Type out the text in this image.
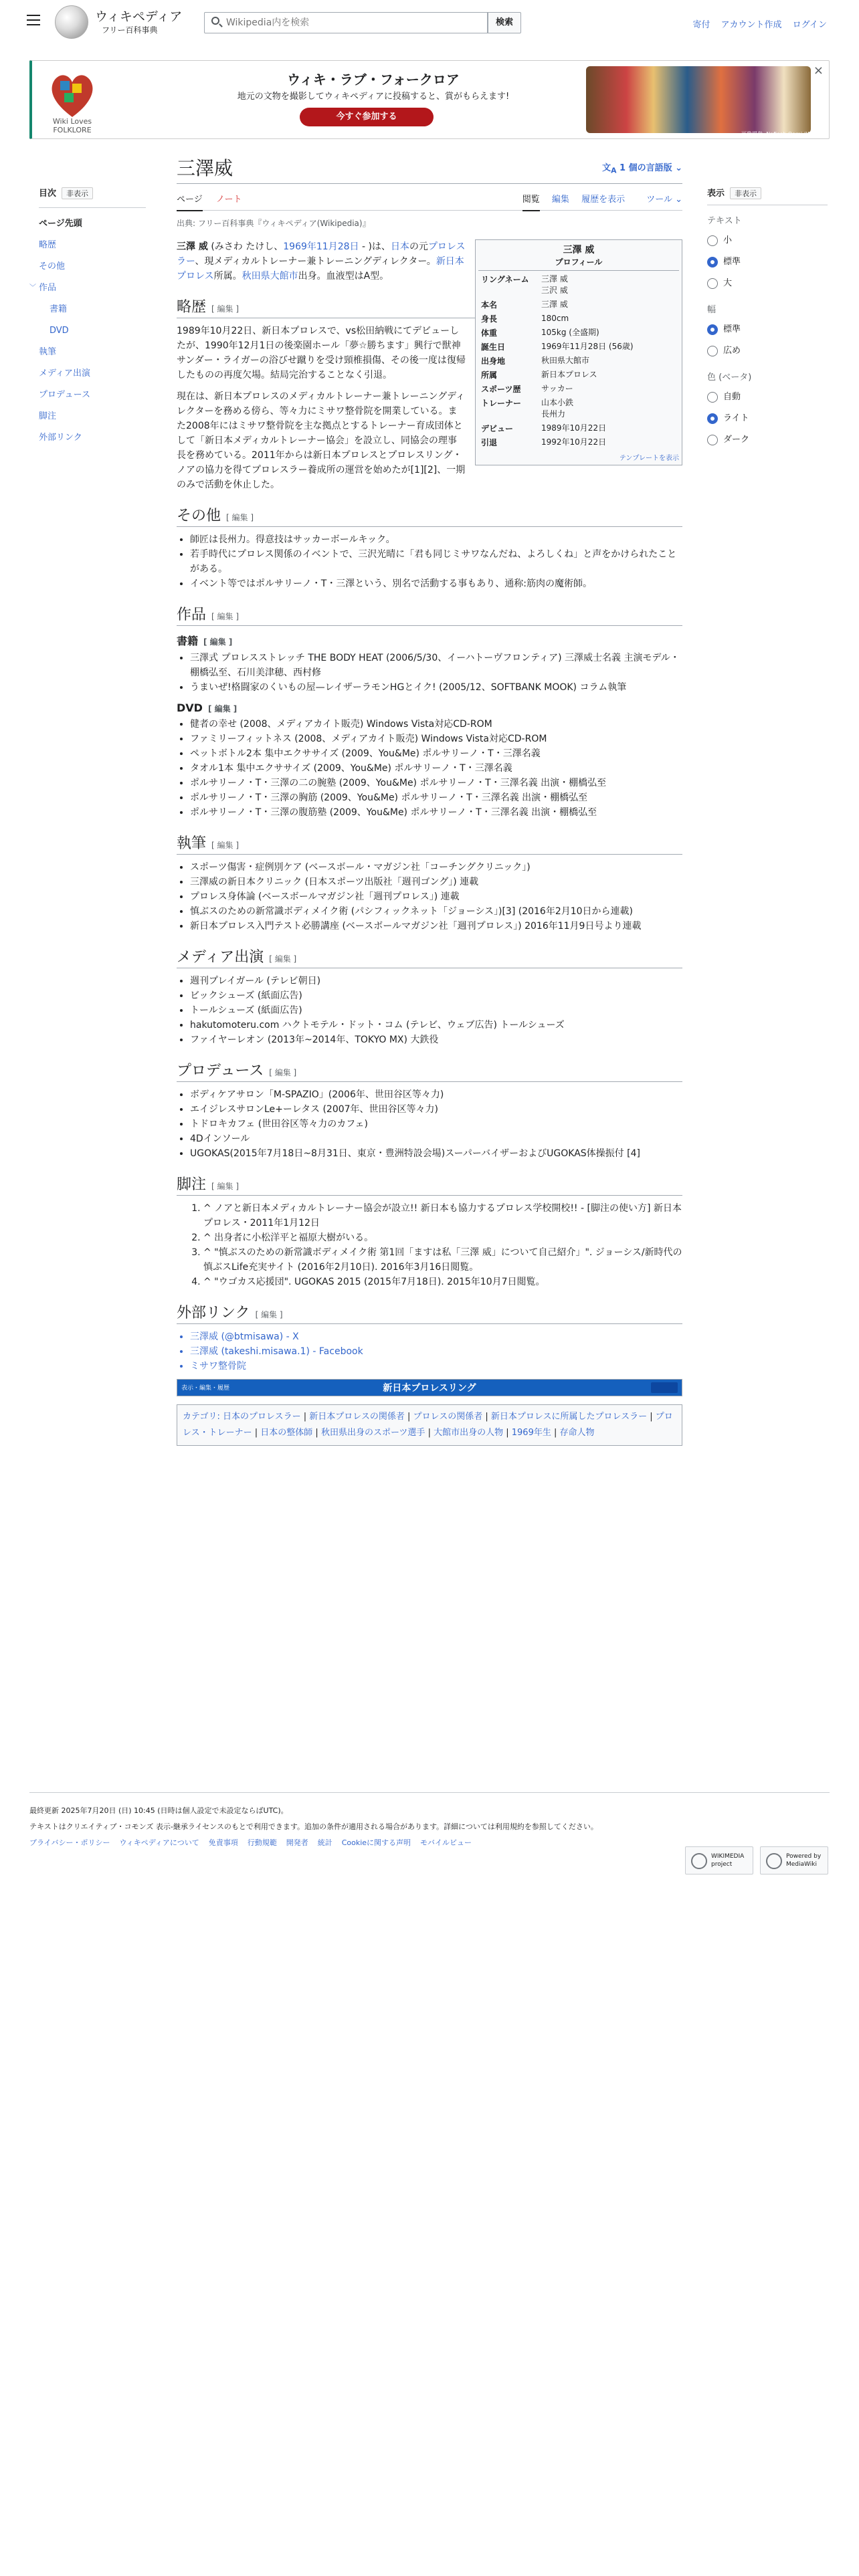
ウィキペディア
フリー百科事典
Wikipedia内を検索
検索	寄付 アカウント作成 ログイン
Wiki Loves FOLKLORE
ウィキ・ラブ・フォークロア
地元の文物を撮影してウィキペディアに投稿すると、賞がもらえます!
今すぐ参加する
画像提供: Nafiseh Qomi (WLF)
×
目次 非表示
ページ先頭
略歴
その他
﹀ 作品
書籍
DVD
執筆
メディア出演
プロデュース
脚注
外部リンク
表示 非表示
テキスト
小
標準
大
幅
標準
広め
色 (ベータ)
自動
ライト
ダーク
三澤威	文$_A$ 1 個の言語版 ⌄
ページ ノート	閲覧 編集 履歴を表示 ツール ⌄
出典: フリー百科事典『ウィキペディア(Wikipedia)』
三澤 威
プロフィール
リングネーム	三澤 威
三沢 威
本名	三澤 威
身長	180cm
体重	105kg (全盛期)
誕生日	1969年11月28日 (56歳)
出身地	秋田県大館市
所属	新日本プロレス
スポーツ歴	サッカー
トレーナー	山本小鉄
長州力
デビュー	1989年10月22日
引退	1992年10月22日
テンプレートを表示

三澤 威 (みさわ たけし、1969年11月28日 - )は、日本の元プロレスラー、現メディカルトレーナー兼トレーニングディレクター。新日本プロレス所属。秋田県大館市出身。血液型はA型。

略歴 [ 編集 ]

1989年10月22日、新日本プロレスで、vs松田納戦にてデビューしたが、1990年12月1日の後楽園ホール「夢☆勝ちます」興行で獣神サンダー・ライガーの浴びせ蹴りを受け頸椎損傷、その後一度は復帰したものの再度欠場。結局完治することなく引退。

現在は、新日本プロレスのメディカルトレーナー兼トレーニングディレクターを務める傍ら、等々力にミサワ整骨院を開業している。また2008年にはミサワ整骨院を主な拠点とするトレーナー育成団体として「新日本メディカルトレーナー協会」を設立し、同協会の理事長を務めている。2011年からは新日本プロレスとプロレスリング・ノアの協力を得てプロレスラー養成所の運営を始めたが[1][2]、一期のみで活動を休止した。

その他 [ 編集 ]
• 師匠は長州力。得意技はサッカーボールキック。
• 若手時代にプロレス関係のイベントで、三沢光晴に「君も同じミサワなんだね、よろしくね」と声をかけられたことがある。
• イベント等ではポルサリーノ・T・三澤という、別名で活動する事もあり、通称:筋肉の魔術師。
作品 [ 編集 ]
書籍 [ 編集 ]
• 三澤式 プロレスストレッチ THE BODY HEAT (2006/5/30、イーハトーヴフロンティア) 三澤威士名義 主演モデル・棚橋弘至、石川美津穂、西村修
• うまいぜ!格闘家のくいもの屋—レイザーラモンHGとイク! (2005/12、SOFTBANK MOOK) コラム執筆
DVD [ 編集 ]
• 健者の幸せ (2008、メディアカイト販売) Windows Vista対応CD-ROM
• ファミリーフィットネス (2008、メディアカイト販売) Windows Vista対応CD-ROM
• ペットボトル2本 集中エクササイズ (2009、You&Me) ポルサリーノ・T・三澤名義
• タオル1本 集中エクササイズ (2009、You&Me) ポルサリーノ・T・三澤名義
• ポルサリーノ・T・三澤の二の腕塾 (2009、You&Me) ポルサリーノ・T・三澤名義 出演・棚橋弘至
• ポルサリーノ・T・三澤の胸筋 (2009、You&Me) ポルサリーノ・T・三澤名義 出演・棚橋弘至
• ポルサリーノ・T・三澤の腹筋塾 (2009、You&Me) ポルサリーノ・T・三澤名義 出演・棚橋弘至
執筆 [ 編集 ]
• スポーツ傷害・症例別ケア (ベースボール・マガジン社「コーチングクリニック」)
• 三澤威の新日本クリニック (日本スポーツ出版社「週刊ゴング」) 連載
• プロレス身体論 (ベースボールマガジン社「週刊プロレス」) 連載
• 慎ぶスのための新常識ボディメイク術 (パシフィックネット「ジョーシス」)[3] (2016年2月10日から連載)
• 新日本プロレス入門テスト必勝講座 (ベースボールマガジン社「週刊プロレス」) 2016年11月9日号より連載
メディア出演 [ 編集 ]
• 週刊プレイガール (テレビ朝日)
• ビックシューズ (紙面広告)
• トールシューズ (紙面広告)
• hakutomoteru.com ハクトモテル・ドット・コム (テレビ、ウェブ広告) トールシューズ
• ファイヤーレオン (2013年~2014年、TOKYO MX) 大鉄役
プロデュース [ 編集 ]
• ボディケアサロン「M-SPAZIO」(2006年、世田谷区等々力)
• エイジレスサロンLe+ーレタス (2007年、世田谷区等々力)
• トドロキカフェ (世田谷区等々力のカフェ)
• 4Dインソール
• UGOKAS(2015年7月18日~8月31日、東京・豊洲特設会場)スーパーバイザーおよびUGOKAS体操振付 [4]
脚注 [ 編集 ]
1. ^ ノアと新日本メディカルトレーナー協会が設立!! 新日本も協力するプロレス学校開校!! - [脚注の使い方] 新日本プロレス・2011年1月12日
2. ^ 出身者に小松洋平と福原大樹がいる。
3. ^ "慎ぶスのための新常識ボディメイク術 第1回「ますは私「三澤 威」について自己紹介」". ジョーシス/新時代の慎ぶスLife充実サイト (2016年2月10日). 2016年3月16日閲覧。
4. ^ "ウゴカス応援団". UGOKAS 2015 (2015年7月18日). 2015年10月7日閲覧。
外部リンク [ 編集 ]
• 三澤威 (@btmisawa) - X
• 三澤威 (takeshi.misawa.1) - Facebook
• ミサワ整骨院
表示・編集・履歴	新日本プロレスリング
カテゴリ: 日本のプロレスラー | 新日本プロレスの関係者 | プロレスの関係者 | 新日本プロレスに所属したプロレスラー | プロレス・トレーナー | 日本の整体師 | 秋田県出身のスポーツ選手 | 大館市出身の人物 | 1969年生 | 存命人物
最終更新 2025年7月20日 (日) 10:45 (日時は個人設定で未設定ならばUTC)。
テキストはクリエイティブ・コモンズ 表示-継承ライセンスのもとで利用できます。追加の条件が適用される場合があります。詳細については利用規約を参照してください。
プライバシー・ポリシー ウィキペディアについて 免責事項 行動規範 開発者 統計 Cookieに関する声明 モバイルビュー
WIKIMEDIA project
Powered by MediaWiki
